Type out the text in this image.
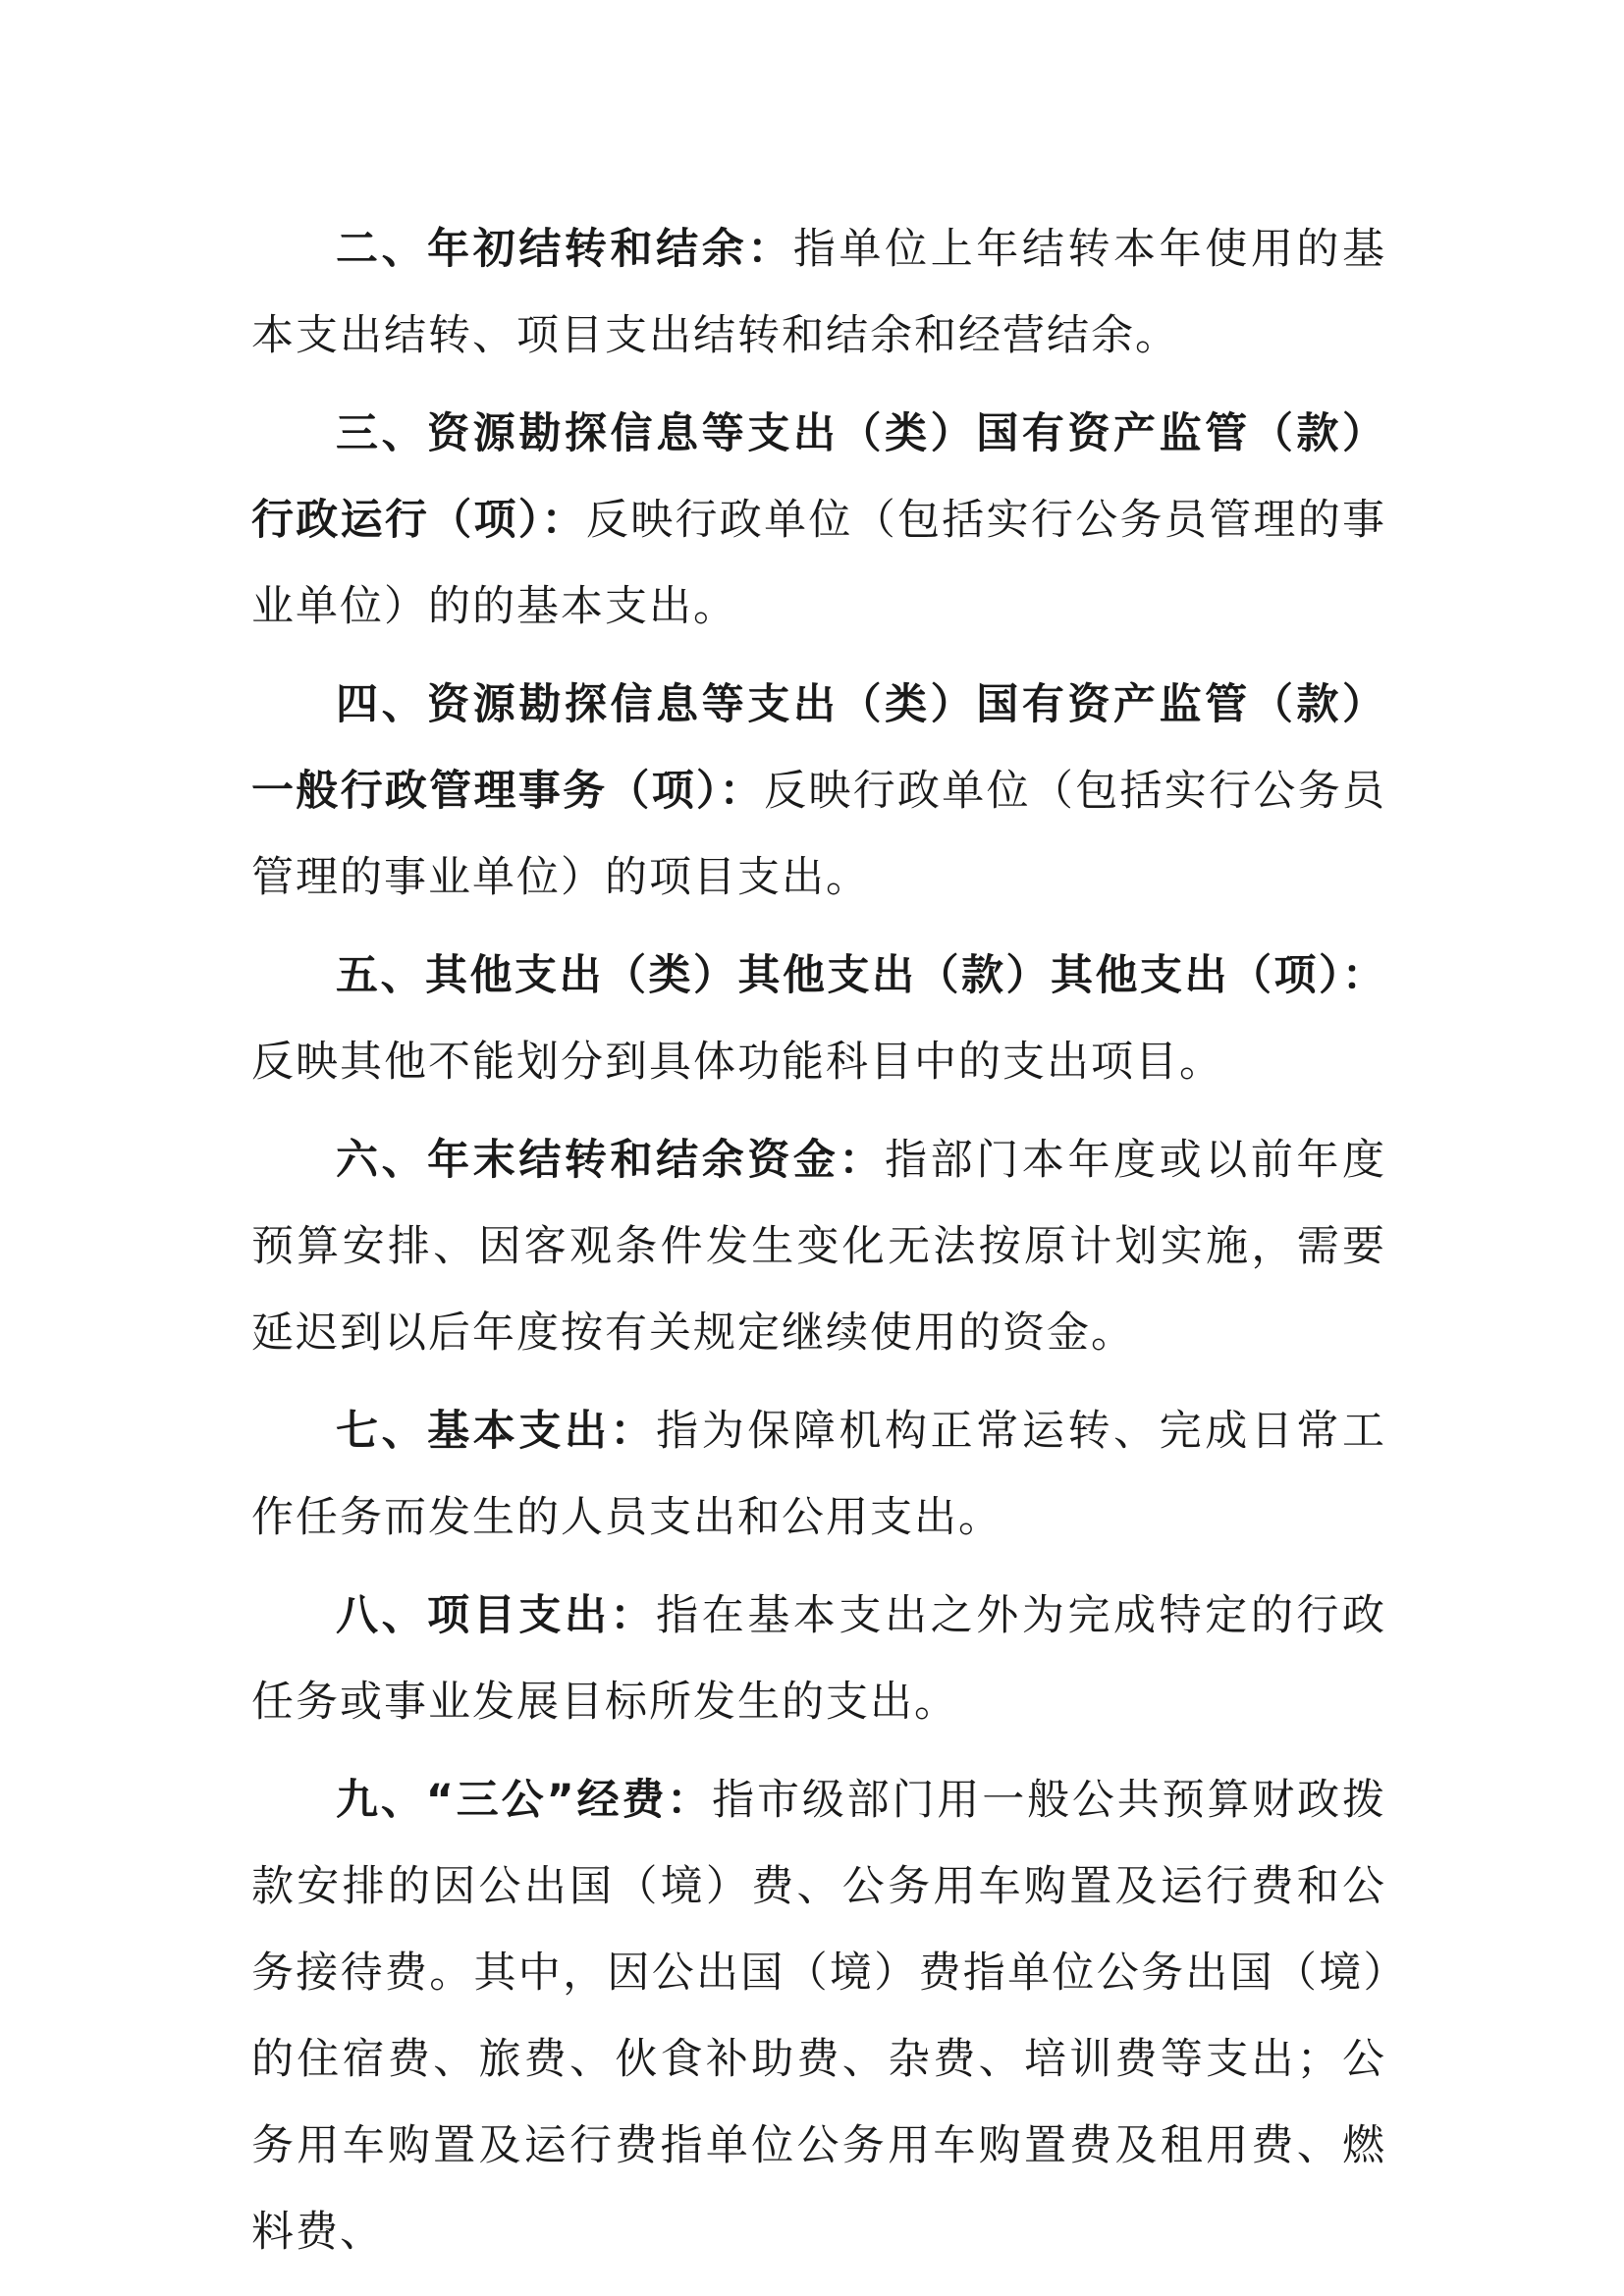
二、年初结转和结余：指单位上年结转本年使用的基本支出结转、项目支出结转和结余和经营结余。

三、资源勘探信息等支出（类）国有资产监管（款）行政运行（项）：反映行政单位（包括实行公务员管理的事业单位）的的基本支出。

四、资源勘探信息等支出（类）国有资产监管（款）一般行政管理事务（项）：反映行政单位（包括实行公务员管理的事业单位）的项目支出。

五、其他支出（类）其他支出（款）其他支出（项）：反映其他不能划分到具体功能科目中的支出项目。

六、年末结转和结余资金：指部门本年度或以前年度预算安排、因客观条件发生变化无法按原计划实施，需要延迟到以后年度按有关规定继续使用的资金。

七、基本支出：指为保障机构正常运转、完成日常工作任务而发生的人员支出和公用支出。

八、项目支出：指在基本支出之外为完成特定的行政任务或事业发展目标所发生的支出。

九、“三公”经费：指市级部门用一般公共预算财政拨款安排的因公出国（境）费、公务用车购置及运行费和公务接待费。其中，因公出国（境）费指单位公务出国（境）的住宿费、旅费、伙食补助费、杂费、培训费等支出；公务用车购置及运行费指单位公务用车购置费及租用费、燃料费、
